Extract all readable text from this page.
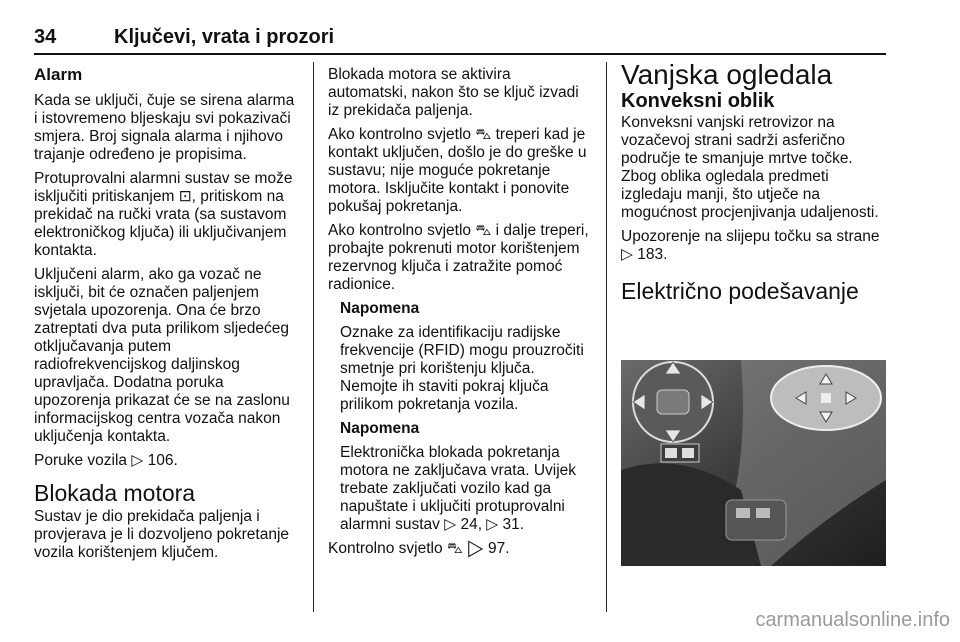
34	Ključevi, vrata i prozori
Alarm

Kada se uključi, čuje se sirena alarma i istovremeno bljeskaju svi pokazivači smjera. Broj signala alarma i njihovo trajanje određeno je propisima.

Protuprovalni alarmni sustav se može isključiti pritiskanjem ⊡, pritiskom na prekidač na ručki vrata (sa sustavom elektroničkog ključa) ili uključivanjem kontakta.

Uključeni alarm, ako ga vozač ne isključi, bit će označen paljenjem svjetala upozorenja. Ona će brzo zatreptati dva puta prilikom sljedećeg otključavanja putem radiofrekvencijskog daljinskog upravljača. Dodatna poruka upozorenja prikazat će se na zaslonu informacijskog centra vozača nakon uključenja kontakta.

Poruke vozila ▷ 106.

Blokada motora

Sustav je dio prekidača paljenja i provjerava je li dozvoljeno pokretanje vozila korištenjem ključem.

Blokada motora se aktivira automatski, nakon što se ključ izvadi iz prekidača paljenja.

Ako kontrolno svjetlo ⛍ treperi kad je kontakt uključen, došlo je do greške u sustavu; nije moguće pokretanje motora. Isključite kontakt i ponovite pokušaj pokretanja.

Ako kontrolno svjetlo ⛍ i dalje treperi, probajte pokrenuti motor korištenjem rezervnog ključa i zatražite pomoć radionice.

Napomena

Oznake za identifikaciju radijske frekvencije (RFID) mogu prouzročiti smetnje pri korištenju ključa. Nemojte ih staviti pokraj ključa prilikom pokretanja vozila.

Napomena

Elektronička blokada pokretanja motora ne zaključava vrata. Uvijek trebate zaključati vozilo kad ga napuštate i uključiti protuprovalni alarmni sustav ▷ 24, ▷ 31.

Kontrolno svjetlo ⛍ ▷ 97.

Vanjska ogledala
Konveksni oblik

Konveksni vanjski retrovizor na vozačevoj strani sadrži asferično područje te smanjuje mrtve točke. Zbog oblika ogledala predmeti izgledaju manji, što utječe na mogućnost procjenjivanja udaljenosti.

Upozorenje na slijepu točku sa strane ▷ 183.

Električno podešavanje
carmanualsonline.info
